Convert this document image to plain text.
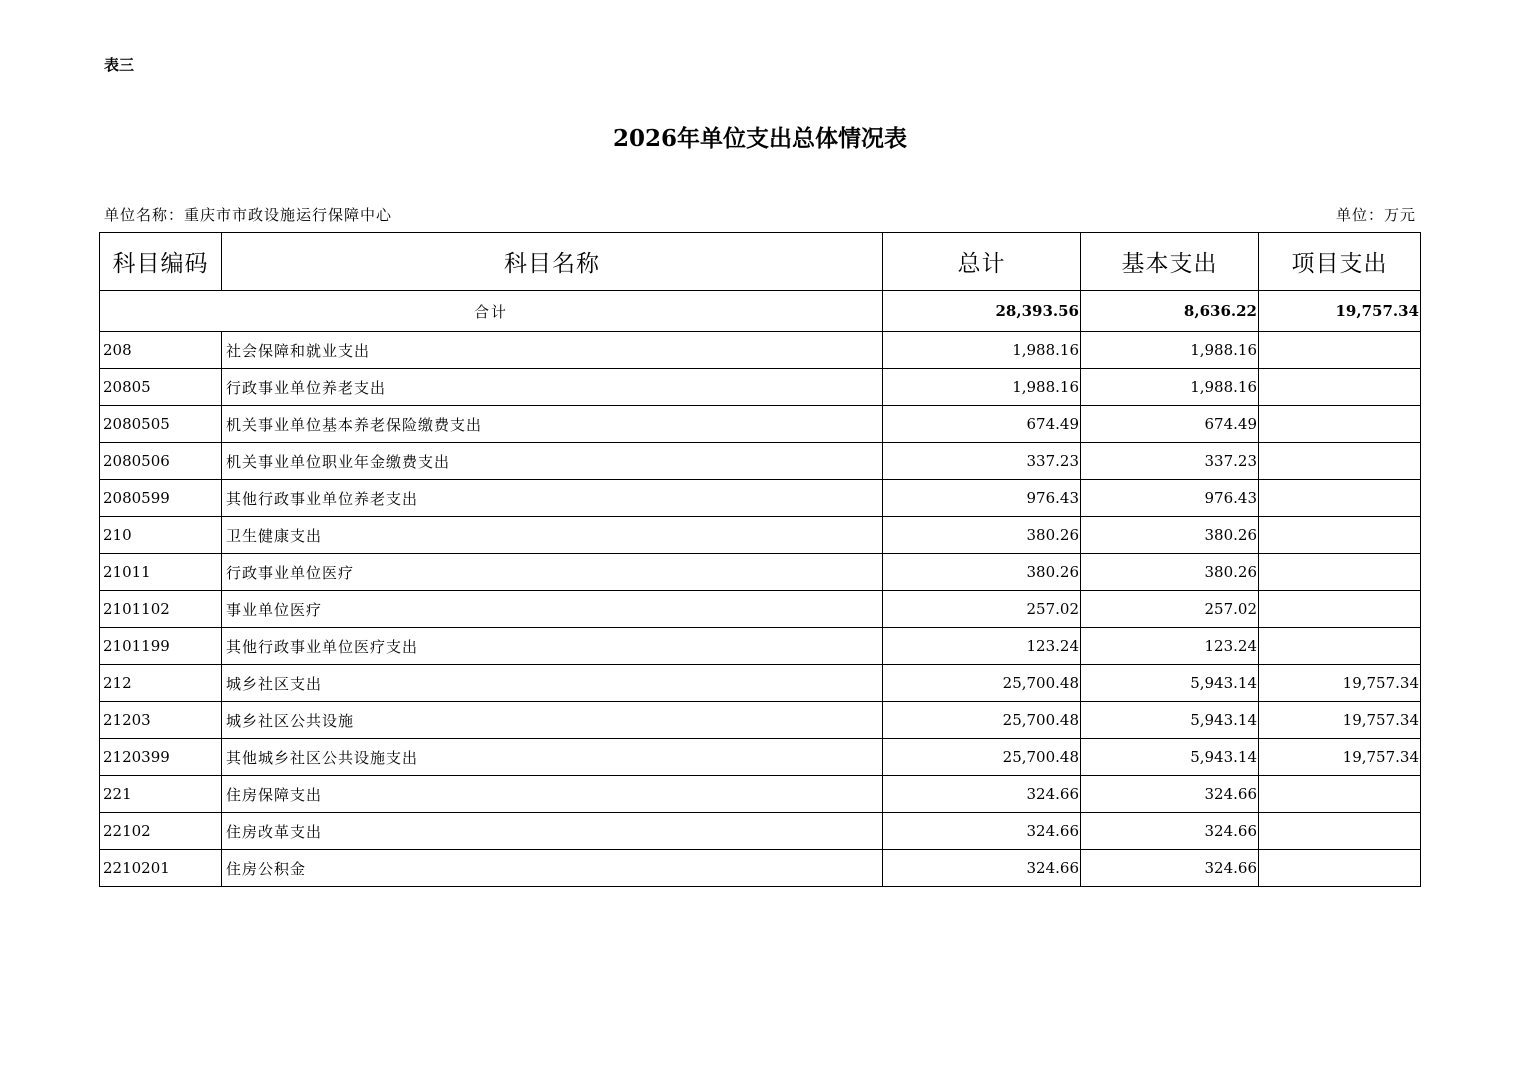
表三
2026年单位支出总体情况表
单位名称：重庆市市政设施运行保障中心	单位：万元
科目编码	科目名称	总计	基本支出	项目支出
合计		28,393.56	8,636.22	19,757.34
208	社会保障和就业支出	1,988.16	1,988.16	
20805	行政事业单位养老支出	1,988.16	1,988.16	
2080505	机关事业单位基本养老保险缴费支出	674.49	674.49	
2080506	机关事业单位职业年金缴费支出	337.23	337.23	
2080599	其他行政事业单位养老支出	976.43	976.43	
210	卫生健康支出	380.26	380.26	
21011	行政事业单位医疗	380.26	380.26	
2101102	事业单位医疗	257.02	257.02	
2101199	其他行政事业单位医疗支出	123.24	123.24	
212	城乡社区支出	25,700.48	5,943.14	19,757.34
21203	城乡社区公共设施	25,700.48	5,943.14	19,757.34
2120399	其他城乡社区公共设施支出	25,700.48	5,943.14	19,757.34
221	住房保障支出	324.66	324.66	
22102	住房改革支出	324.66	324.66	
2210201	住房公积金	324.66	324.66	
